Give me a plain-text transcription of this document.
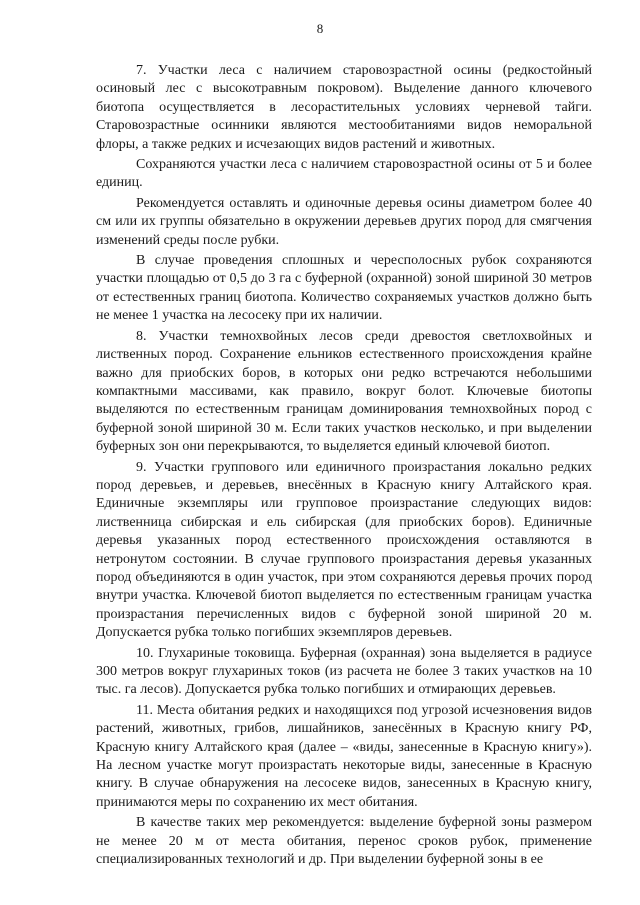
8

7. Участки леса с наличием старовозрастной осины (редкостойный осиновый лес с высокотравным покровом). Выделение данного ключевого биотопа осуществляется в лесорастительных условиях черневой тайги. Старовозрастные осинники являются местообитаниями видов неморальной флоры, а также редких и исчезающих видов растений и животных.

Сохраняются участки леса с наличием старовозрастной осины от 5 и более единиц.

Рекомендуется оставлять и одиночные деревья осины диаметром более 40 см или их группы обязательно в окружении деревьев других пород для смягчения изменений среды после рубки.

В случае проведения сплошных и чересполосных рубок сохраняются участки площадью от 0,5 до 3 га с буферной (охранной) зоной шириной 30 метров от естественных границ биотопа. Количество сохраняемых участков должно быть не менее 1 участка на лесосеку при их наличии.

8. Участки темнохвойных лесов среди древостоя светлохвойных и лиственных пород. Сохранение ельников естественного происхождения крайне важно для приобских боров, в которых они редко встречаются небольшими компактными массивами, как правило, вокруг болот. Ключевые биотопы выделяются по естественным границам доминирования темнохвойных пород с буферной зоной шириной 30 м. Если таких участков несколько, и при выделении буферных зон они перекрываются, то выделяется единый ключевой биотоп.

9. Участки группового или единичного произрастания локально редких пород деревьев, и деревьев, внесённых в Красную книгу Алтайского края. Единичные экземпляры или групповое произрастание следующих видов: лиственница сибирская и ель сибирская (для приобских боров). Единичные деревья указанных пород естественного происхождения оставляются в нетронутом состоянии. В случае группового произрастания деревья указанных пород объединяются в один участок, при этом сохраняются деревья прочих пород внутри участка. Ключевой биотоп выделяется по естественным границам участка произрастания перечисленных видов с буферной зоной шириной 20 м. Допускается рубка только погибших экземпляров деревьев.

10. Глухариные токовища. Буферная (охранная) зона выделяется в радиусе 300 метров вокруг глухариных токов (из расчета не более 3 таких участков на 10 тыс. га лесов). Допускается рубка только погибших и отмирающих деревьев.

11. Места обитания редких и находящихся под угрозой исчезновения видов растений, животных, грибов, лишайников, занесённых в Красную книгу РФ, Красную книгу Алтайского края (далее – «виды, занесенные в Красную книгу»). На лесном участке могут произрастать некоторые виды, занесенные в Красную книгу. В случае обнаружения на лесосеке видов, занесенных в Красную книгу, принимаются меры по сохранению их мест обитания.

В качестве таких мер рекомендуется: выделение буферной зоны размером не менее 20 м от места обитания, перенос сроков рубок, применение специализированных технологий и др. При выделении буферной зоны в ее
